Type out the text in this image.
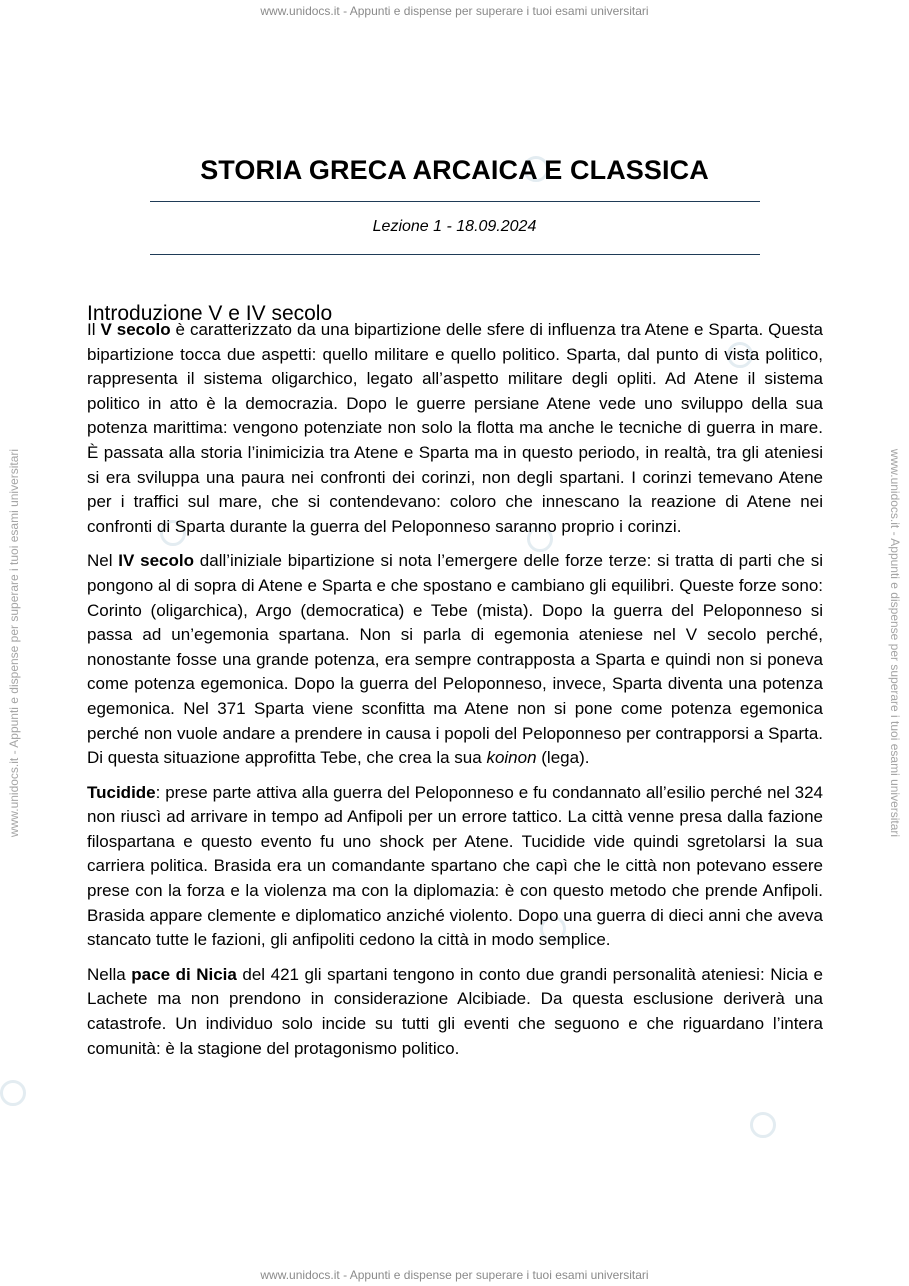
www.unidocs.it - Appunti e dispense per superare i tuoi esami universitari
www.unidocs.it - Appunti e dispense per superare i tuoi esami universitari
www.unidocs.it - Appunti e dispense per superare i tuoi esami universitari	www.unidocs.it - Appunti e dispense per superare i tuoi esami universitari
STORIA GRECA ARCAICA E CLASSICA
Lezione 1 - 18.09.2024
Introduzione V e IV secolo

Il V secolo è caratterizzato da una bipartizione delle sfere di influenza tra Atene e Sparta. Questa bipartizione tocca due aspetti: quello militare e quello politico. Sparta, dal punto di vista politico, rappresenta il sistema oligarchico, legato all’aspetto militare degli opliti. Ad Atene il sistema politico in atto è la democrazia. Dopo le guerre persiane Atene vede uno sviluppo della sua potenza marittima: vengono potenziate non solo la flotta ma anche le tecniche di guerra in mare. È passata alla storia l’inimicizia tra Atene e Sparta ma in questo periodo, in realtà, tra gli ateniesi si era sviluppa una paura nei confronti dei corinzi, non degli spartani. I corinzi temevano Atene per i traffici sul mare, che si contendevano: coloro che innescano la reazione di Atene nei confronti di Sparta durante la guerra del Peloponneso saranno proprio i corinzi.

Nel IV secolo dall’iniziale bipartizione si nota l’emergere delle forze terze: si tratta di parti che si pongono al di sopra di Atene e Sparta e che spostano e cambiano gli equilibri. Queste forze sono: Corinto (oligarchica), Argo (democratica) e Tebe (mista). Dopo la guerra del Peloponneso si passa ad un’egemonia spartana. Non si parla di egemonia ateniese nel V secolo perché, nonostante fosse una grande potenza, era sempre contrapposta a Sparta e quindi non si poneva come potenza egemonica. Dopo la guerra del Peloponneso, invece, Sparta diventa una potenza egemonica. Nel 371 Sparta viene sconfitta ma Atene non si pone come potenza egemonica perché non vuole andare a prendere in causa i popoli del Peloponneso per contrapporsi a Sparta. Di questa situazione approfitta Tebe, che crea la sua koinon (lega).

Tucidide: prese parte attiva alla guerra del Peloponneso e fu condannato all’esilio perché nel 324 non riuscì ad arrivare in tempo ad Anfipoli per un errore tattico. La città venne presa dalla fazione filospartana e questo evento fu uno shock per Atene. Tucidide vide quindi sgretolarsi la sua carriera politica. Brasida era un comandante spartano che capì che le città non potevano essere prese con la forza e la violenza ma con la diplomazia: è con questo metodo che prende Anfipoli. Brasida appare clemente e diplomatico anziché violento. Dopo una guerra di dieci anni che aveva stancato tutte le fazioni, gli anfipoliti cedono la città in modo semplice.

Nella pace di Nicia del 421 gli spartani tengono in conto due grandi personalità ateniesi: Nicia e Lachete ma non prendono in considerazione Alcibiade. Da questa esclusione deriverà una catastrofe. Un individuo solo incide su tutti gli eventi che seguono e che riguardano l’intera comunità: è la stagione del protagonismo politico.
